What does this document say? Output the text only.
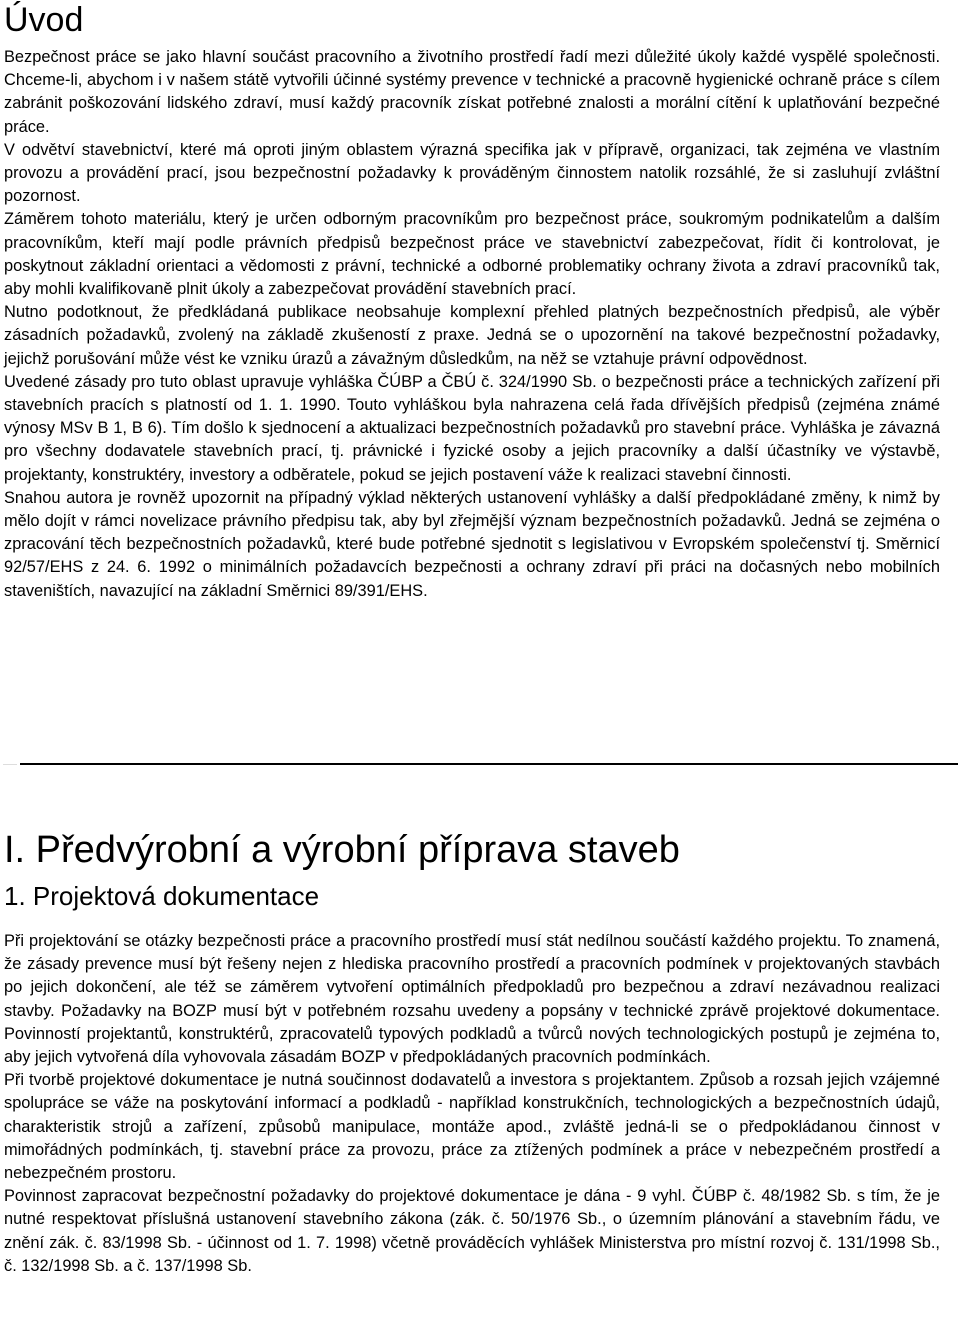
Úvod

Bezpečnost práce se jako hlavní součást pracovního a životního prostředí řadí mezi důležité úkoly každé vyspělé společnosti. Chceme-li, abychom i v našem státě vytvořili účinné systémy prevence v technické a pracovně hygienické ochraně práce s cílem zabránit poškozování lidského zdraví, musí každý pracovník získat potřebné znalosti a morální cítění k uplatňování bezpečné práce.

V odvětví stavebnictví, které má oproti jiným oblastem výrazná specifika jak v přípravě, organizaci, tak zejména ve vlastním provozu a provádění prací, jsou bezpečnostní požadavky k prováděným činnostem natolik rozsáhlé, že si zasluhují zvláštní pozornost.

Záměrem tohoto materiálu, který je určen odborným pracovníkům pro bezpečnost práce, soukromým podnikatelům a dalším pracovníkům, kteří mají podle právních předpisů bezpečnost práce ve stavebnictví zabezpečovat, řídit či kontrolovat, je poskytnout základní orientaci a vědomosti z právní, technické a odborné problematiky ochrany života a zdraví pracovníků tak, aby mohli kvalifikovaně plnit úkoly a zabezpečovat provádění stavebních prací.

Nutno podotknout, že předkládaná publikace neobsahuje komplexní přehled platných bezpečnostních předpisů, ale výběr zásadních požadavků, zvolený na základě zkušeností z praxe. Jedná se o upozornění na takové bezpečnostní požadavky, jejichž porušování může vést ke vzniku úrazů a závažným důsledkům, na něž se vztahuje právní odpovědnost.

Uvedené zásady pro tuto oblast upravuje vyhláška ČÚBP a ČBÚ č. 324/1990 Sb. o bezpečnosti práce a technických zařízení při stavebních pracích s platností od 1. 1. 1990. Touto vyhláškou byla nahrazena celá řada dřívějších předpisů (zejména známé výnosy MSv B 1, B 6). Tím došlo k sjednocení a aktualizaci bezpečnostních požadavků pro stavební práce. Vyhláška je závazná pro všechny dodavatele stavebních prací, tj. právnické i fyzické osoby a jejich pracovníky a další účastníky ve výstavbě, projektanty, konstruktéry, investory a odběratele, pokud se jejich postavení váže k realizaci stavební činnosti.

Snahou autora je rovněž upozornit na případný výklad některých ustanovení vyhlášky a další předpokládané změny, k nimž by mělo dojít v rámci novelizace právního předpisu tak, aby byl zřejmější význam bezpečnostních požadavků. Jedná se zejména o zpracování těch bezpečnostních požadavků, které bude potřebné sjednotit s legislativou v Evropském společenství tj. Směrnicí 92/57/EHS z 24. 6. 1992 o minimálních požadavcích bezpečnosti a ochrany zdraví při práci na dočasných nebo mobilních staveništích, navazující na základní Směrnici 89/391/EHS.

I. Předvýrobní a výrobní příprava staveb
1. Projektová dokumentace

Při projektování se otázky bezpečnosti práce a pracovního prostředí musí stát nedílnou součástí každého projektu. To znamená, že zásady prevence musí být řešeny nejen z hlediska pracovního prostředí a pracovních podmínek v projektovaných stavbách po jejich dokončení, ale též se záměrem vytvoření optimálních předpokladů pro bezpečnou a zdraví nezávadnou realizaci stavby. Požadavky na BOZP musí být v potřebném rozsahu uvedeny a popsány v technické zprávě projektové dokumentace. Povinností projektantů, konstruktérů, zpracovatelů typových podkladů a tvůrců nových technologických postupů je zejména to, aby jejich vytvořená díla vyhovovala zásadám BOZP v předpokládaných pracovních podmínkách.

Při tvorbě projektové dokumentace je nutná součinnost dodavatelů a investora s projektantem. Způsob a rozsah jejich vzájemné spolupráce se váže na poskytování informací a podkladů - například konstrukčních, technologických a bezpečnostních údajů, charakteristik strojů a zařízení, způsobů manipulace, montáže apod., zvláště jedná-li se o předpokládanou činnost v mimořádných podmínkách, tj. stavební práce za provozu, práce za ztížených podmínek a práce v nebezpečném prostředí a nebezpečném prostoru.

Povinnost zapracovat bezpečnostní požadavky do projektové dokumentace je dána - 9 vyhl. ČÚBP č. 48/1982 Sb. s tím, že je nutné respektovat příslušná ustanovení stavebního zákona (zák. č. 50/1976 Sb., o územním plánování a stavebním řádu, ve znění zák. č. 83/1998 Sb. - účinnost od 1. 7. 1998) včetně prováděcích vyhlášek Ministerstva pro místní rozvoj č. 131/1998 Sb., č. 132/1998 Sb. a č. 137/1998 Sb.
